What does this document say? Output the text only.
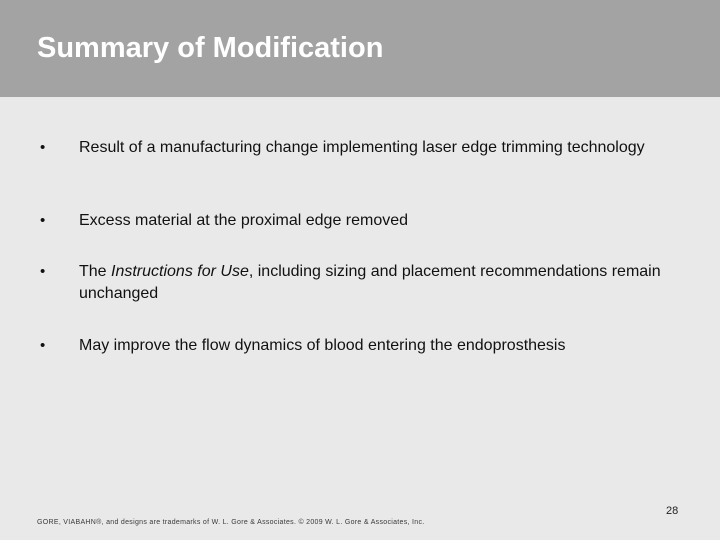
Summary of Modification
• Result of a manufacturing change implementing laser edge trimming technology
• Excess material at the proximal edge removed
• The Instructions for Use, including sizing and placement recommendations remain unchanged
• May improve the flow dynamics of blood entering the endoprosthesis
28
GORE, VIABAHN®, and designs are trademarks of W. L. Gore & Associates. © 2009 W. L. Gore & Associates, Inc.
